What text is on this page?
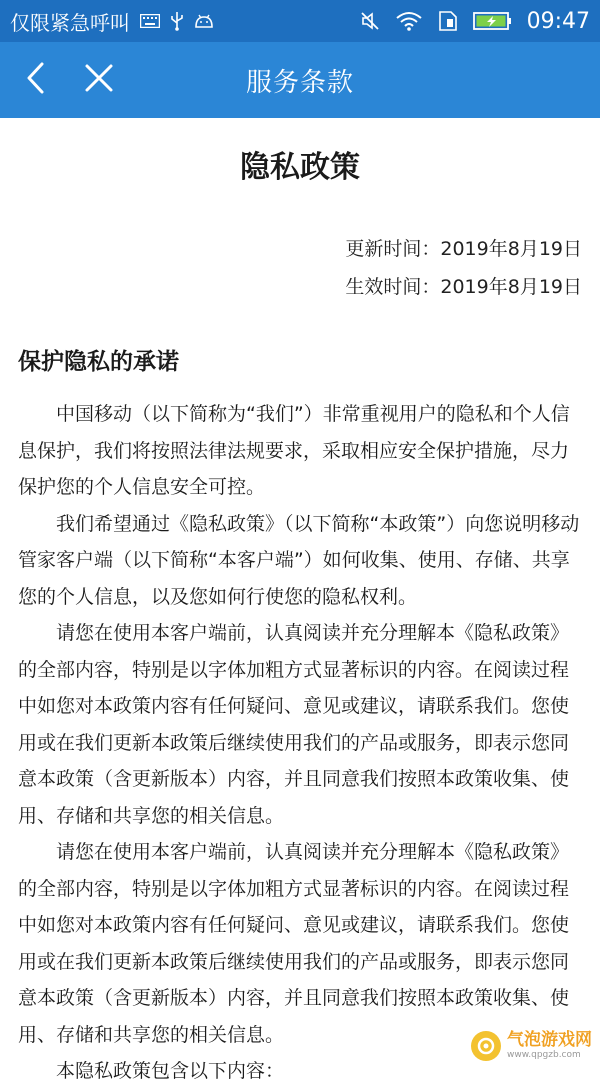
仅限紧急呼叫	09:47
服务条款
隐私政策
更新时间：2019年8月19日
生效时间：2019年8月19日
保护隐私的承诺

中国移动（以下简称为“我们”）非常重视用户的隐私和个人信息保护，我们将按照法律法规要求，采取相应安全保护措施，尽力保护您的个人信息安全可控。

我们希望通过《隐私政策》（以下简称“本政策”）向您说明移动管家客户端（以下简称“本客户端”）如何收集、使用、存储、共享您的个人信息，以及您如何行使您的隐私权利。

请您在使用本客户端前，认真阅读并充分理解本《隐私政策》的全部内容，特别是以字体加粗方式显著标识的内容。在阅读过程中如您对本政策内容有任何疑问、意见或建议，请联系我们。您使用或在我们更新本政策后继续使用我们的产品或服务，即表示您同意本政策（含更新版本）内容，并且同意我们按照本政策收集、使用、存储和共享您的相关信息。

请您在使用本客户端前，认真阅读并充分理解本《隐私政策》的全部内容，特别是以字体加粗方式显著标识的内容。在阅读过程中如您对本政策内容有任何疑问、意见或建议，请联系我们。您使用或在我们更新本政策后继续使用我们的产品或服务，即表示您同意本政策（含更新版本）内容，并且同意我们按照本政策收集、使用、存储和共享您的相关信息。

本隐私政策包含以下内容：	气泡游戏网
www.qpgzb.com
